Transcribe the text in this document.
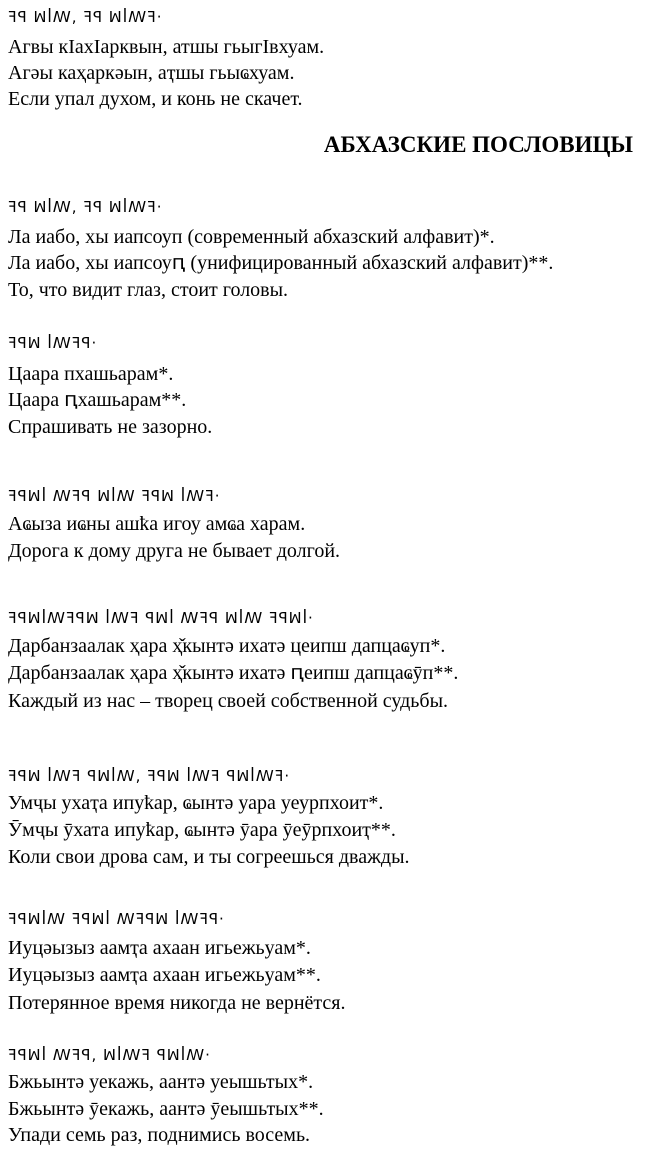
ꟻꟼ ꟽꟾꟿ, ꟻꟼ ꟽꟾꟿꟻ·
Агвы кIахIарквын, атшы гьыгIвхуам.
Агәы каҳаркәын, аҭшы гьыҩхуам.
Если упал духом, и конь не скачет.
АБХАЗСКИЕ ПОСЛОВИЦЫ
ꟻꟼ ꟽꟾꟿ, ꟻꟼ ꟽꟾꟿꟻ·
Ла иабо, хы иапсоуп (современный абхазский алфавит)*.
Ла иабо, хы иапсоуԥ (унифицированный абхазский алфавит)**.
То, что видит глаз, стоит головы.
ꟻꟼꟽ ꟾꟿꟻꟼ·
Цаара пхашьарам*.
Цаара ԥхашьарам**.
Спрашивать не зазорно.
ꟻꟼꟽꟾ ꟿꟻꟼ ꟽꟾꟿ ꟻꟼꟽ ꟾꟿꟻ·
Аҩыза иҩны ашҟа игоу амҩа харам.
Дорога к дому друга не бывает долгой.
ꟻꟼꟽꟾꟿꟻꟼꟽ ꟾꟿꟻ ꟼꟽꟾ ꟿꟻꟼ ꟽꟾꟿ ꟻꟼꟽꟾ·
Дарбанзаалак ҳара ҳ̌кынтә ихатә цеипш дапцаҩуп*.
Дарбанзаалак ҳара ҳ̌кынтә ихатә ԥеипш дапцаҩӯп**.
Каждый из нас – творец своей собственной судьбы.
ꟻꟼꟽ ꟾꟿꟻ ꟼꟽꟾꟿ, ꟻꟼꟽ ꟾꟿꟻ ꟼꟽꟾꟿꟻ·
Умҷы ухаҭа ипуҟар, ҩынтә уара уеурпхоит*.
Ӯмҷы ӯхата ипуҟар, ҩынтә ӯара ӯеӯрпхоиҭ**.
Коли свои дрова сам, и ты согреешься дважды.
ꟻꟼꟽꟾꟿ ꟻꟼꟽꟾ ꟿꟻꟼꟽ ꟾꟿꟻꟼ·
Иуцәызыз аамҭа ахаан игьежьуам*.
Иуцәызыз аамҭа ахаан игьежьуам**.
Потерянное время никогда не вернётся.
ꟻꟼꟽꟾ ꟿꟻꟼ, ꟽꟾꟿꟻ ꟼꟽꟾꟿ·
Бжьынтә уекажь, аантә уеышьтых*.
Бжьынтә ӯекажь, аантә ӯеышьтых**.
Упади семь раз, поднимись восемь.
